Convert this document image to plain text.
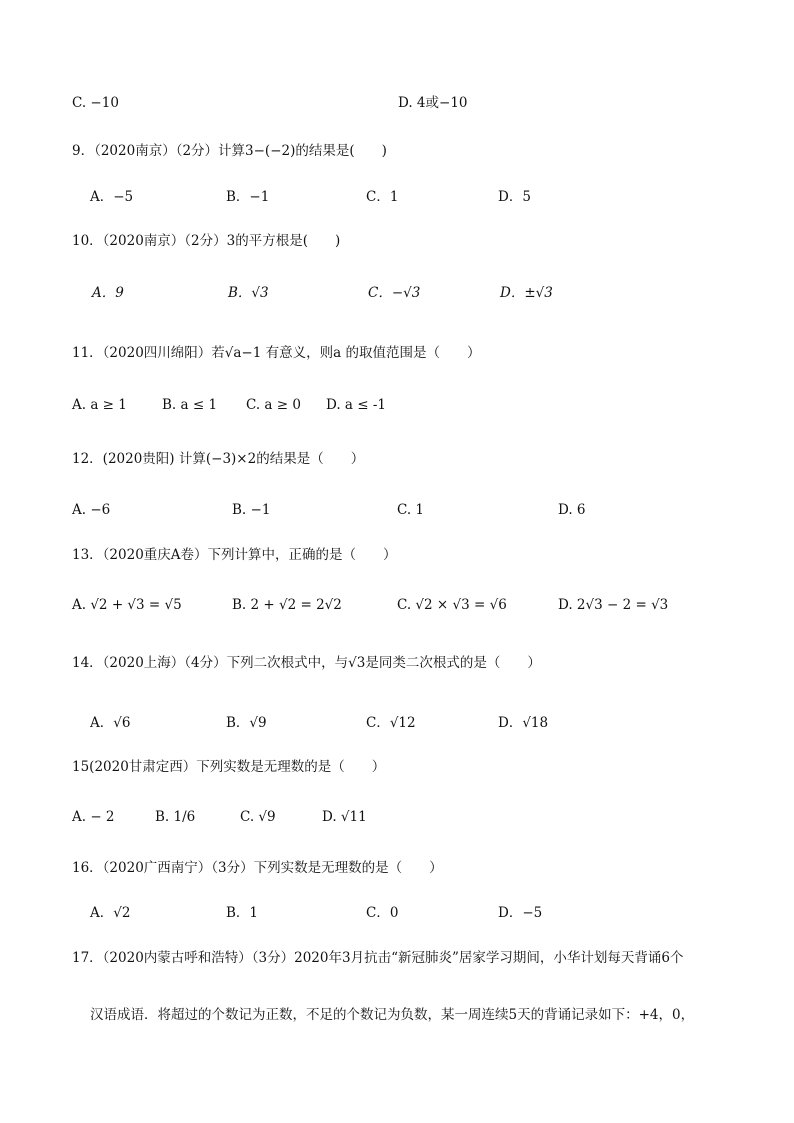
C. −10	D. 4或−10
9．（2020南京）（2分）计算3−(−2)的结果是(　　)
A．−5	B．−1	C．1	D．5
10．（2020南京）（2分）3的平方根是(　　)
A．9	B．√3	C．−√3	D．±√3
11．（2020四川绵阳）若√a−1 有意义，则a 的取值范围是（　　）
A. a ≥ 1	B. a ≤ 1 C. a ≥ 0 D. a ≤ -1
12．(2020贵阳) 计算(−3)×2的结果是（　　）
A. −6	B. −1	C. 1	D. 6
13．（2020重庆A卷）下列计算中，正确的是（　　）
A. √2 + √3 = √5	B. 2 + √2 = 2√2	C. √2 × √3 = √6	D. 2√3 − 2 = √3
14．（2020上海）（4分）下列二次根式中，与√3是同类二次根式的是（　　）
A．√6	B．√9	C．√12	D．√18
15(2020甘肃定西）下列实数是无理数的是（　　）
A. − 2	B. 1/6	C. √9	D. √11
16．（2020广西南宁）（3分）下列实数是无理数的是（　　）
A．√2	B．1	C．0	D．−5
17．（2020内蒙古呼和浩特）（3分）2020年3月抗击“新冠肺炎”居家学习期间，小华计划每天背诵6个
汉语成语．将超过的个数记为正数，不足的个数记为负数，某一周连续5天的背诵记录如下：+4，0，
